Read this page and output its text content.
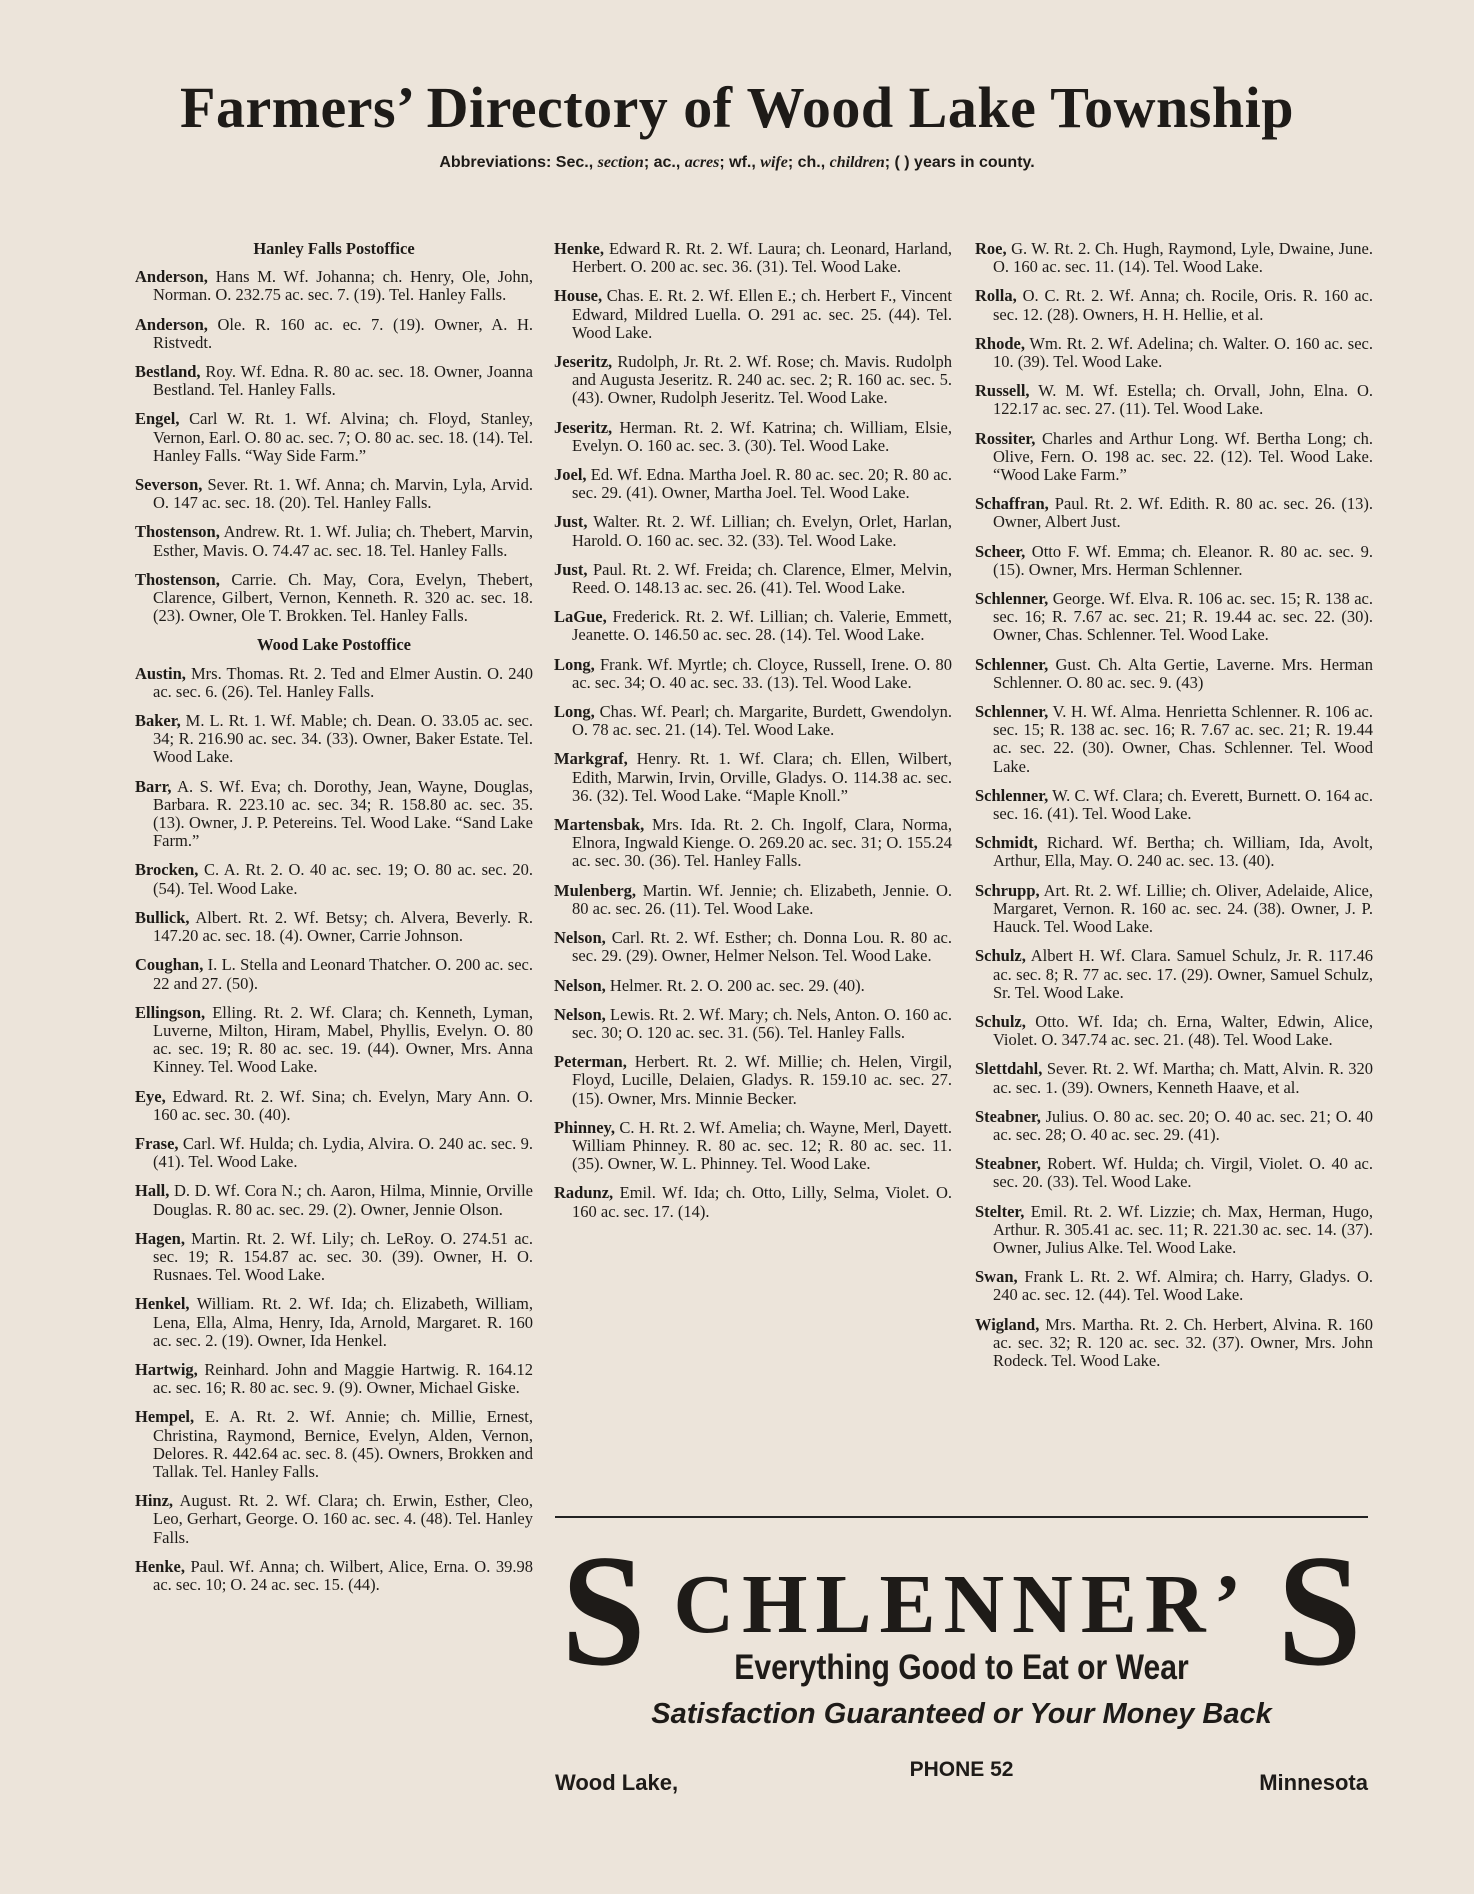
Farmers’ Directory of Wood Lake Township
Abbreviations: Sec., section; ac., acres; wf., wife; ch., children; ( ) years in county.
Hanley Falls Postoffice
Anderson, Hans M. Wf. Johanna; ch. Henry, Ole, John, Norman. O. 232.75 ac. sec. 7. (19). Tel. Hanley Falls.
Anderson, Ole. R. 160 ac. ec. 7. (19). Owner, A. H. Ristvedt.
Bestland, Roy. Wf. Edna. R. 80 ac. sec. 18. Owner, Joanna Bestland. Tel. Hanley Falls.
Engel, Carl W. Rt. 1. Wf. Alvina; ch. Floyd, Stanley, Vernon, Earl. O. 80 ac. sec. 7; O. 80 ac. sec. 18. (14). Tel. Hanley Falls. “Way Side Farm.”
Severson, Sever. Rt. 1. Wf. Anna; ch. Marvin, Lyla, Arvid. O. 147 ac. sec. 18. (20). Tel. Hanley Falls.
Thostenson, Andrew. Rt. 1. Wf. Julia; ch. Thebert, Marvin, Esther, Mavis. O. 74.47 ac. sec. 18. Tel. Hanley Falls.
Thostenson, Carrie. Ch. May, Cora, Evelyn, Thebert, Clarence, Gilbert, Vernon, Kenneth. R. 320 ac. sec. 18. (23). Owner, Ole T. Brokken. Tel. Hanley Falls.
Wood Lake Postoffice
Austin, Mrs. Thomas. Rt. 2. Ted and Elmer Austin. O. 240 ac. sec. 6. (26). Tel. Hanley Falls.
Baker, M. L. Rt. 1. Wf. Mable; ch. Dean. O. 33.05 ac. sec. 34; R. 216.90 ac. sec. 34. (33). Owner, Baker Estate. Tel. Wood Lake.
Barr, A. S. Wf. Eva; ch. Dorothy, Jean, Wayne, Douglas, Barbara. R. 223.10 ac. sec. 34; R. 158.80 ac. sec. 35. (13). Owner, J. P. Petereins. Tel. Wood Lake. “Sand Lake Farm.”
Brocken, C. A. Rt. 2. O. 40 ac. sec. 19; O. 80 ac. sec. 20. (54). Tel. Wood Lake.
Bullick, Albert. Rt. 2. Wf. Betsy; ch. Alvera, Beverly. R. 147.20 ac. sec. 18. (4). Owner, Carrie Johnson.
Coughan, I. L. Stella and Leonard Thatcher. O. 200 ac. sec. 22 and 27. (50).
Ellingson, Elling. Rt. 2. Wf. Clara; ch. Kenneth, Lyman, Luverne, Milton, Hiram, Mabel, Phyllis, Evelyn. O. 80 ac. sec. 19; R. 80 ac. sec. 19. (44). Owner, Mrs. Anna Kinney. Tel. Wood Lake.
Eye, Edward. Rt. 2. Wf. Sina; ch. Evelyn, Mary Ann. O. 160 ac. sec. 30. (40).
Frase, Carl. Wf. Hulda; ch. Lydia, Alvira. O. 240 ac. sec. 9. (41). Tel. Wood Lake.
Hall, D. D. Wf. Cora N.; ch. Aaron, Hilma, Minnie, Orville Douglas. R. 80 ac. sec. 29. (2). Owner, Jennie Olson.
Hagen, Martin. Rt. 2. Wf. Lily; ch. LeRoy. O. 274.51 ac. sec. 19; R. 154.87 ac. sec. 30. (39). Owner, H. O. Rusnaes. Tel. Wood Lake.
Henkel, William. Rt. 2. Wf. Ida; ch. Elizabeth, William, Lena, Ella, Alma, Henry, Ida, Arnold, Margaret. R. 160 ac. sec. 2. (19). Owner, Ida Henkel.
Hartwig, Reinhard. John and Maggie Hartwig. R. 164.12 ac. sec. 16; R. 80 ac. sec. 9. (9). Owner, Michael Giske.
Hempel, E. A. Rt. 2. Wf. Annie; ch. Millie, Ernest, Christina, Raymond, Bernice, Evelyn, Alden, Vernon, Delores. R. 442.64 ac. sec. 8. (45). Owners, Brokken and Tallak. Tel. Hanley Falls.
Hinz, August. Rt. 2. Wf. Clara; ch. Erwin, Esther, Cleo, Leo, Gerhart, George. O. 160 ac. sec. 4. (48). Tel. Hanley Falls.
Henke, Paul. Wf. Anna; ch. Wilbert, Alice, Erna. O. 39.98 ac. sec. 10; O. 24 ac. sec. 15. (44).
Henke, Edward R. Rt. 2. Wf. Laura; ch. Leonard, Harland, Herbert. O. 200 ac. sec. 36. (31). Tel. Wood Lake.
House, Chas. E. Rt. 2. Wf. Ellen E.; ch. Herbert F., Vincent Edward, Mildred Luella. O. 291 ac. sec. 25. (44). Tel. Wood Lake.
Jeseritz, Rudolph, Jr. Rt. 2. Wf. Rose; ch. Mavis. Rudolph and Augusta Jeseritz. R. 240 ac. sec. 2; R. 160 ac. sec. 5. (43). Owner, Rudolph Jeseritz. Tel. Wood Lake.
Jeseritz, Herman. Rt. 2. Wf. Katrina; ch. William, Elsie, Evelyn. O. 160 ac. sec. 3. (30). Tel. Wood Lake.
Joel, Ed. Wf. Edna. Martha Joel. R. 80 ac. sec. 20; R. 80 ac. sec. 29. (41). Owner, Martha Joel. Tel. Wood Lake.
Just, Walter. Rt. 2. Wf. Lillian; ch. Evelyn, Orlet, Harlan, Harold. O. 160 ac. sec. 32. (33). Tel. Wood Lake.
Just, Paul. Rt. 2. Wf. Freida; ch. Clarence, Elmer, Melvin, Reed. O. 148.13 ac. sec. 26. (41). Tel. Wood Lake.
LaGue, Frederick. Rt. 2. Wf. Lillian; ch. Valerie, Emmett, Jeanette. O. 146.50 ac. sec. 28. (14). Tel. Wood Lake.
Long, Frank. Wf. Myrtle; ch. Cloyce, Russell, Irene. O. 80 ac. sec. 34; O. 40 ac. sec. 33. (13). Tel. Wood Lake.
Long, Chas. Wf. Pearl; ch. Margarite, Burdett, Gwendolyn. O. 78 ac. sec. 21. (14). Tel. Wood Lake.
Markgraf, Henry. Rt. 1. Wf. Clara; ch. Ellen, Wilbert, Edith, Marwin, Irvin, Orville, Gladys. O. 114.38 ac. sec. 36. (32). Tel. Wood Lake. “Maple Knoll.”
Martensbak, Mrs. Ida. Rt. 2. Ch. Ingolf, Clara, Norma, Elnora, Ingwald Kienge. O. 269.20 ac. sec. 31; O. 155.24 ac. sec. 30. (36). Tel. Hanley Falls.
Mulenberg, Martin. Wf. Jennie; ch. Elizabeth, Jennie. O. 80 ac. sec. 26. (11). Tel. Wood Lake.
Nelson, Carl. Rt. 2. Wf. Esther; ch. Donna Lou. R. 80 ac. sec. 29. (29). Owner, Helmer Nelson. Tel. Wood Lake.
Nelson, Helmer. Rt. 2. O. 200 ac. sec. 29. (40).
Nelson, Lewis. Rt. 2. Wf. Mary; ch. Nels, Anton. O. 160 ac. sec. 30; O. 120 ac. sec. 31. (56). Tel. Hanley Falls.
Peterman, Herbert. Rt. 2. Wf. Millie; ch. Helen, Virgil, Floyd, Lucille, Delaien, Gladys. R. 159.10 ac. sec. 27. (15). Owner, Mrs. Minnie Becker.
Phinney, C. H. Rt. 2. Wf. Amelia; ch. Wayne, Merl, Dayett. William Phinney. R. 80 ac. sec. 12; R. 80 ac. sec. 11. (35). Owner, W. L. Phinney. Tel. Wood Lake.
Radunz, Emil. Wf. Ida; ch. Otto, Lilly, Selma, Violet. O. 160 ac. sec. 17. (14).
Roe, G. W. Rt. 2. Ch. Hugh, Raymond, Lyle, Dwaine, June. O. 160 ac. sec. 11. (14). Tel. Wood Lake.
Rolla, O. C. Rt. 2. Wf. Anna; ch. Rocile, Oris. R. 160 ac. sec. 12. (28). Owners, H. H. Hellie, et al.
Rhode, Wm. Rt. 2. Wf. Adelina; ch. Walter. O. 160 ac. sec. 10. (39). Tel. Wood Lake.
Russell, W. M. Wf. Estella; ch. Orvall, John, Elna. O. 122.17 ac. sec. 27. (11). Tel. Wood Lake.
Rossiter, Charles and Arthur Long. Wf. Bertha Long; ch. Olive, Fern. O. 198 ac. sec. 22. (12). Tel. Wood Lake. “Wood Lake Farm.”
Schaffran, Paul. Rt. 2. Wf. Edith. R. 80 ac. sec. 26. (13). Owner, Albert Just.
Scheer, Otto F. Wf. Emma; ch. Eleanor. R. 80 ac. sec. 9. (15). Owner, Mrs. Herman Schlenner.
Schlenner, George. Wf. Elva. R. 106 ac. sec. 15; R. 138 ac. sec. 16; R. 7.67 ac. sec. 21; R. 19.44 ac. sec. 22. (30). Owner, Chas. Schlenner. Tel. Wood Lake.
Schlenner, Gust. Ch. Alta Gertie, Laverne. Mrs. Herman Schlenner. O. 80 ac. sec. 9. (43)
Schlenner, V. H. Wf. Alma. Henrietta Schlenner. R. 106 ac. sec. 15; R. 138 ac. sec. 16; R. 7.67 ac. sec. 21; R. 19.44 ac. sec. 22. (30). Owner, Chas. Schlenner. Tel. Wood Lake.
Schlenner, W. C. Wf. Clara; ch. Everett, Burnett. O. 164 ac. sec. 16. (41). Tel. Wood Lake.
Schmidt, Richard. Wf. Bertha; ch. William, Ida, Avolt, Arthur, Ella, May. O. 240 ac. sec. 13. (40).
Schrupp, Art. Rt. 2. Wf. Lillie; ch. Oliver, Adelaide, Alice, Margaret, Vernon. R. 160 ac. sec. 24. (38). Owner, J. P. Hauck. Tel. Wood Lake.
Schulz, Albert H. Wf. Clara. Samuel Schulz, Jr. R. 117.46 ac. sec. 8; R. 77 ac. sec. 17. (29). Owner, Samuel Schulz, Sr. Tel. Wood Lake.
Schulz, Otto. Wf. Ida; ch. Erna, Walter, Edwin, Alice, Violet. O. 347.74 ac. sec. 21. (48). Tel. Wood Lake.
Slettdahl, Sever. Rt. 2. Wf. Martha; ch. Matt, Alvin. R. 320 ac. sec. 1. (39). Owners, Kenneth Haave, et al.
Steabner, Julius. O. 80 ac. sec. 20; O. 40 ac. sec. 21; O. 40 ac. sec. 28; O. 40 ac. sec. 29. (41).
Steabner, Robert. Wf. Hulda; ch. Virgil, Violet. O. 40 ac. sec. 20. (33). Tel. Wood Lake.
Stelter, Emil. Rt. 2. Wf. Lizzie; ch. Max, Herman, Hugo, Arthur. R. 305.41 ac. sec. 11; R. 221.30 ac. sec. 14. (37). Owner, Julius Alke. Tel. Wood Lake.
Swan, Frank L. Rt. 2. Wf. Almira; ch. Harry, Gladys. O. 240 ac. sec. 12. (44). Tel. Wood Lake.
Wigland, Mrs. Martha. Rt. 2. Ch. Herbert, Alvina. R. 160 ac. sec. 32; R. 120 ac. sec. 32. (37). Owner, Mrs. John Rodeck. Tel. Wood Lake.
S	S
CHLENNER’
Everything Good to Eat or Wear
Satisfaction Guaranteed or Your Money Back
Wood Lake,
PHONE 52
Minnesota
